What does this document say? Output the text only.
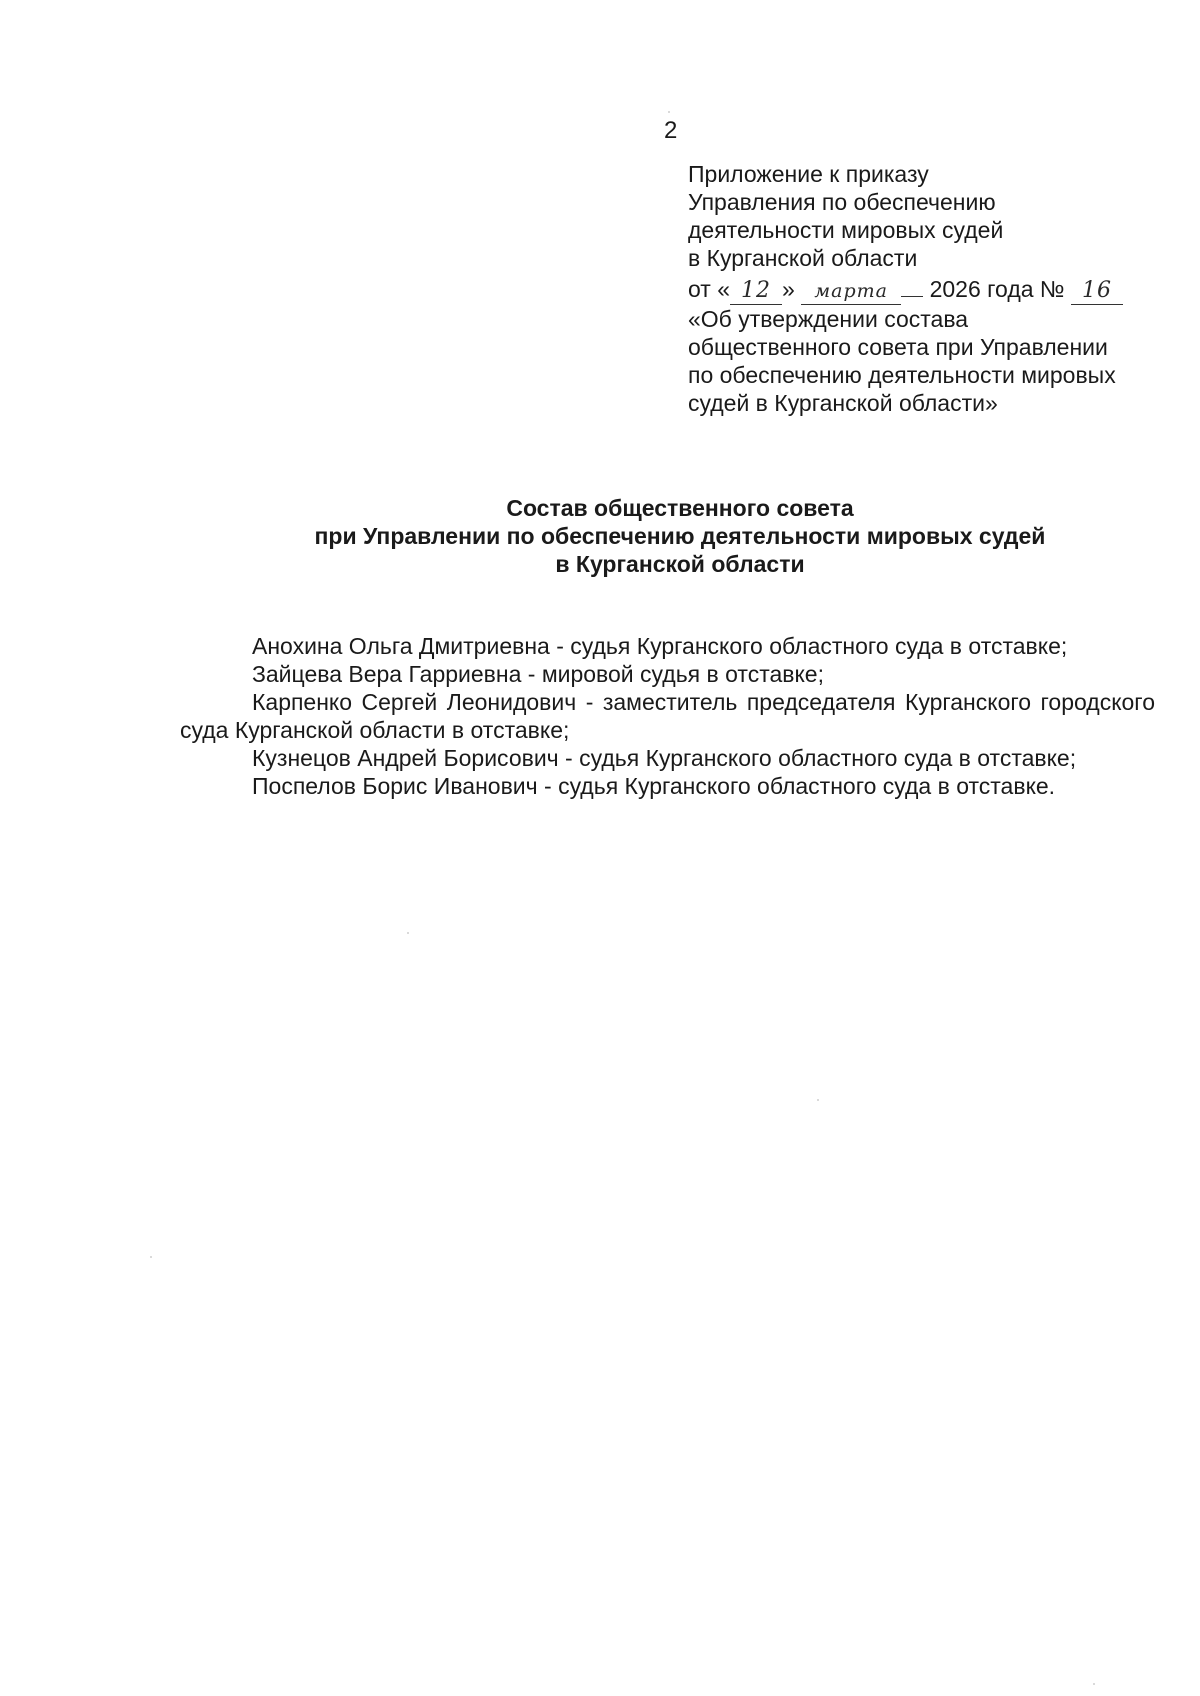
2
Приложение к приказу
Управления по обеспечению
деятельности мировых судей
в Курганской области
от « 12 » марта 2026 года № 16
«Об утверждении состава
общественного совета при Управлении
по обеспечению деятельности мировых
судей в Курганской области»
Состав общественного совета
при Управлении по обеспечению деятельности мировых судей
в Курганской области
Анохина Ольга Дмитриевна - судья Курганского областного суда в отставке;
Зайцева Вера Гарриевна - мировой судья в отставке;
Карпенко Сергей Леонидович - заместитель председателя Курганского городского суда Курганской области в отставке;
Кузнецов Андрей Борисович - судья Курганского областного суда в отставке;
Поспелов Борис Иванович - судья Курганского областного суда в отставке.
